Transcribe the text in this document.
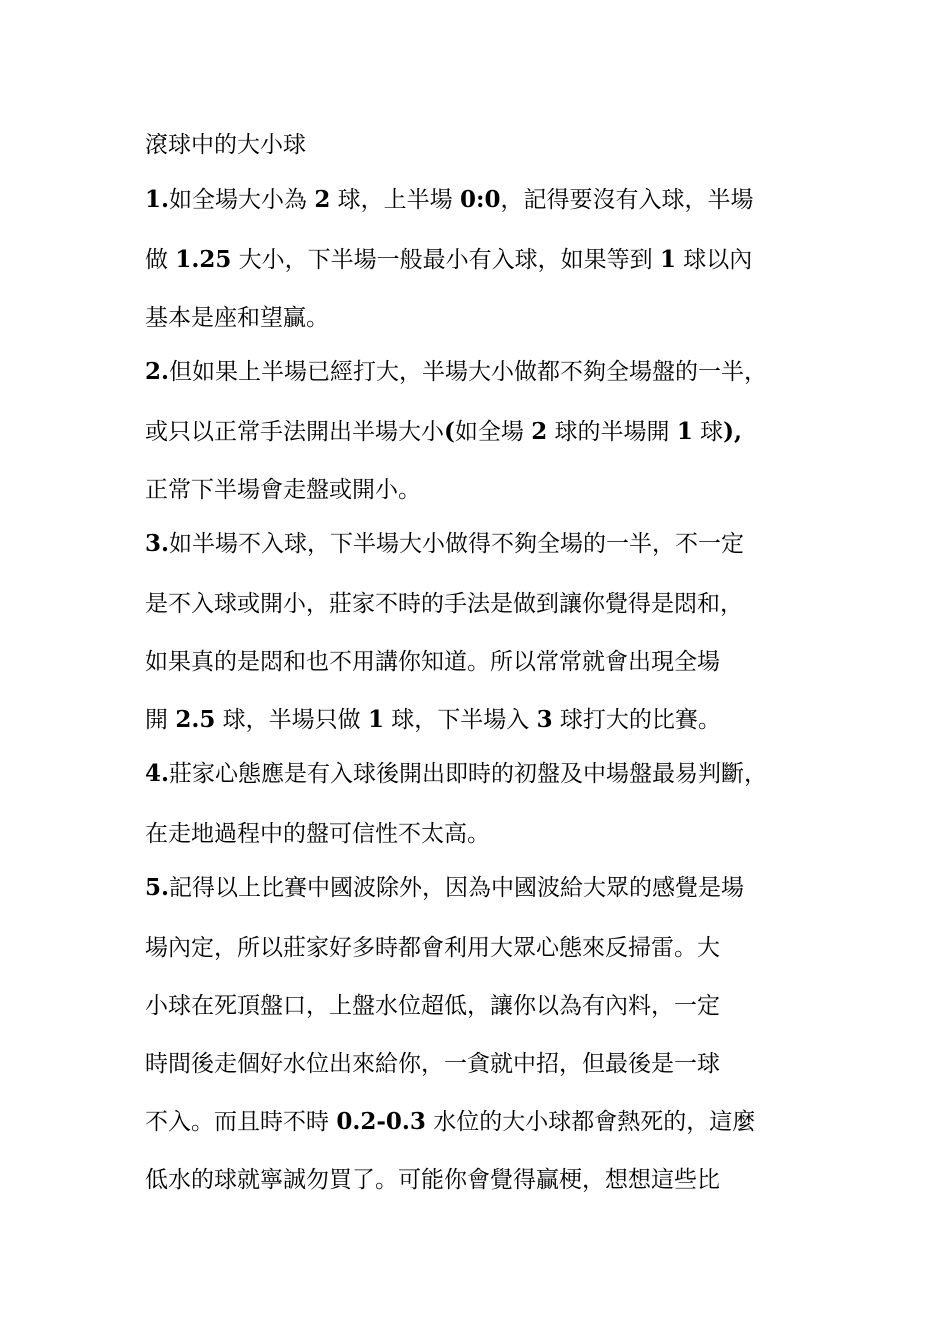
滾球中的大小球
1.如全場大小為 2 球，上半場 0:0，記得要沒有入球，半場
做 1.25 大小，下半場一般最小有入球，如果等到 1 球以內
基本是座和望贏。
2.但如果上半場已經打大，半場大小做都不夠全場盤的一半，
或只以正常手法開出半場大小(如全場 2 球的半場開 1 球),
正常下半場會走盤或開小。
3.如半場不入球，下半場大小做得不夠全場的一半，不一定
是不入球或開小，莊家不時的手法是做到讓你覺得是悶和，
如果真的是悶和也不用講你知道。所以常常就會出現全場
開 2.5 球，半場只做 1 球，下半場入 3 球打大的比賽。
4.莊家心態應是有入球後開出即時的初盤及中場盤最易判斷，
在走地過程中的盤可信性不太高。
5.記得以上比賽中國波除外，因為中國波給大眾的感覺是場
場內定，所以莊家好多時都會利用大眾心態來反掃雷。大
小球在死頂盤口，上盤水位超低，讓你以為有內料，一定
時間後走個好水位出來給你，一貪就中招，但最後是一球
不入。而且時不時 0.2-0.3 水位的大小球都會熱死的，這麼
低水的球就寧誠勿買了。可能你會覺得贏梗，想想這些比
